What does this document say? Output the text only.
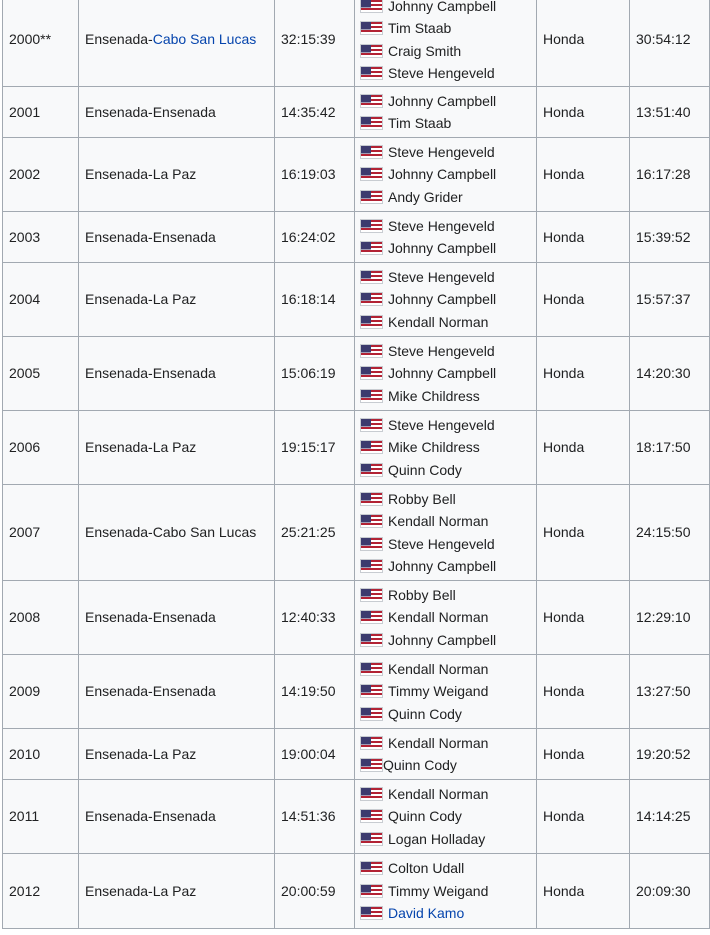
2000**	Ensenada-Cabo San Lucas	32:15:39	Johnny Campbell
Tim Staab
Craig Smith
Steve Hengeveld	Honda	30:54:12
2001	Ensenada-Ensenada	14:35:42	Johnny Campbell
Tim Staab	Honda	13:51:40
2002	Ensenada-La Paz	16:19:03	Steve Hengeveld
Johnny Campbell
Andy Grider	Honda	16:17:28
2003	Ensenada-Ensenada	16:24:02	Steve Hengeveld
Johnny Campbell	Honda	15:39:52
2004	Ensenada-La Paz	16:18:14	Steve Hengeveld
Johnny Campbell
Kendall Norman	Honda	15:57:37
2005	Ensenada-Ensenada	15:06:19	Steve Hengeveld
Johnny Campbell
Mike Childress	Honda	14:20:30
2006	Ensenada-La Paz	19:15:17	Steve Hengeveld
Mike Childress
Quinn Cody	Honda	18:17:50
2007	Ensenada-Cabo San Lucas	25:21:25	Robby Bell
Kendall Norman
Steve Hengeveld
Johnny Campbell	Honda	24:15:50
2008	Ensenada-Ensenada	12:40:33	Robby Bell
Kendall Norman
Johnny Campbell	Honda	12:29:10
2009	Ensenada-Ensenada	14:19:50	Kendall Norman
Timmy Weigand
Quinn Cody	Honda	13:27:50
2010	Ensenada-La Paz	19:00:04	Kendall Norman
Quinn Cody	Honda	19:20:52
2011	Ensenada-Ensenada	14:51:36	Kendall Norman
Quinn Cody
Logan Holladay	Honda	14:14:25
2012	Ensenada-La Paz	20:00:59	Colton Udall
Timmy Weigand
David Kamo	Honda	20:09:30
